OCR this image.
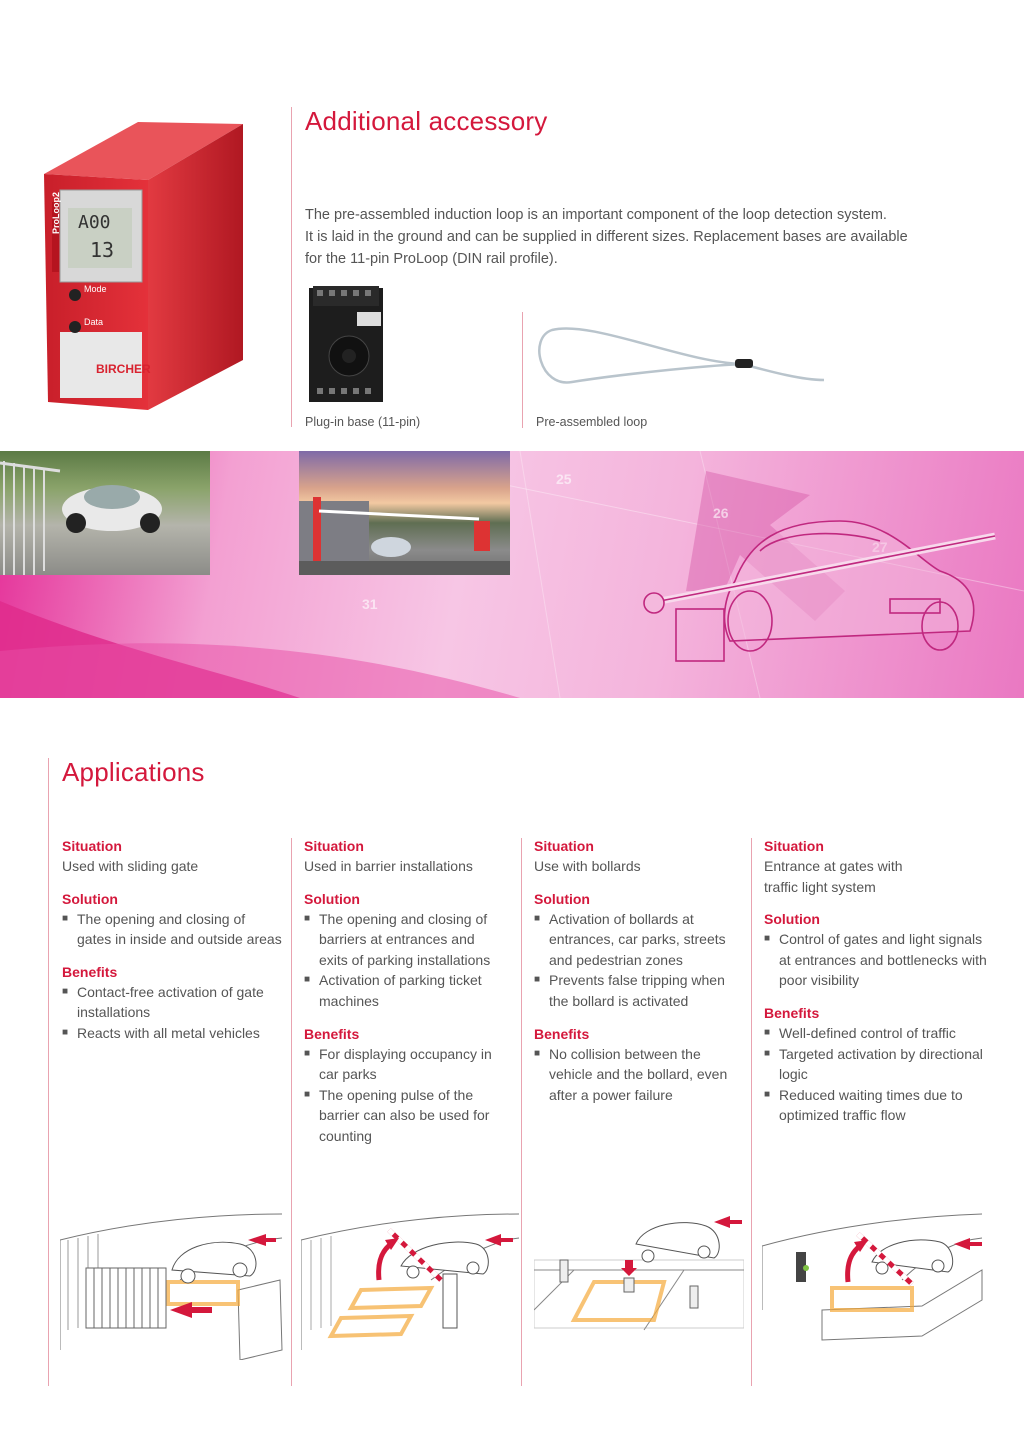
ProLoop2 A00
13
Mode
Data
BIRCHER
Additional accessory
The pre-assembled induction loop is an important component of the loop detection system.
It is laid in the ground and can be supplied in different sizes. Replacement bases are available
for the 11-pin ProLoop (DIN rail profile).
Plug-in base (11-pin)	Pre-assembled loop
25
26
31
Applications
Situation

Used with sliding gate

Solution
■ The opening and closing of gates in inside and outside areas
Benefits
■ Contact-free activation of gate installations
■ Reacts with all metal vehicles
Situation

Used in barrier installations

Solution
■ The opening and closing of barriers at entrances and exits of parking installations
■ Activation of parking ticket machines
Benefits
■ For displaying occupancy in car parks
■ The opening pulse of the barrier can also be used for counting
Situation

Use with bollards

Solution
■ Activation of bollards at entrances, car parks, streets and pedestrian zones
■ Prevents false tripping when the bollard is activated
Benefits
■ No collision between the vehicle and the bollard, even after a power failure
Situation

Entrance at gates with

traffic light system

Solution
■ Control of gates and light signals at entrances and bottlenecks with poor visibility
Benefits
■ Well-defined control of traffic
■ Targeted activation by directional logic
■ Reduced waiting times due to optimized traffic flow
